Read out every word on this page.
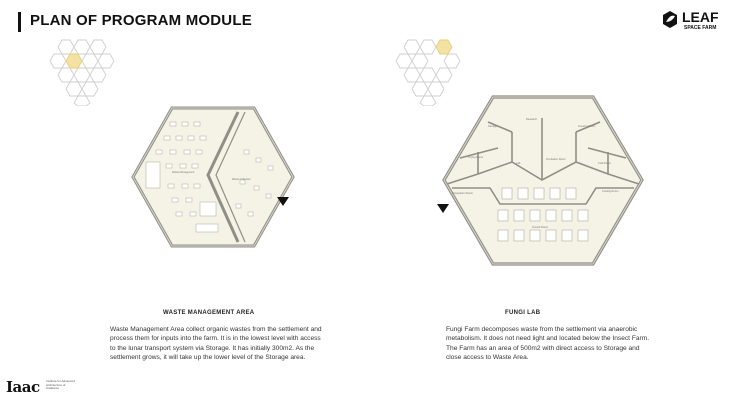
PLAN OF PROGRAM MODULE	LEAF
SPACE FARM
Waste Management
Waste Collection
Storage
Research
Growing Room
Drying Room
Lab
Incubation Room
Cold Room
Preparation Room
Growth Room
Cooling Room
WASTE MANAGEMENT AREA
Waste Management Area collect organic wastes from the settlement and process them for inputs into the farm. It is in the lowest level with access to the lunar transport system via Storage. It has initially 300m2. As the settlement grows, it will take up the lower level of the Storage area.
FUNGI LAB
Fungi Farm decomposes waste from the settlement via anaerobic metabolism. It does not need light and located below the Insect Farm. The Farm has an area of 500m2 with direct access to Storage and close access to Waste Area.
Iaac Institute for Advanced Architecture of Catalonia
